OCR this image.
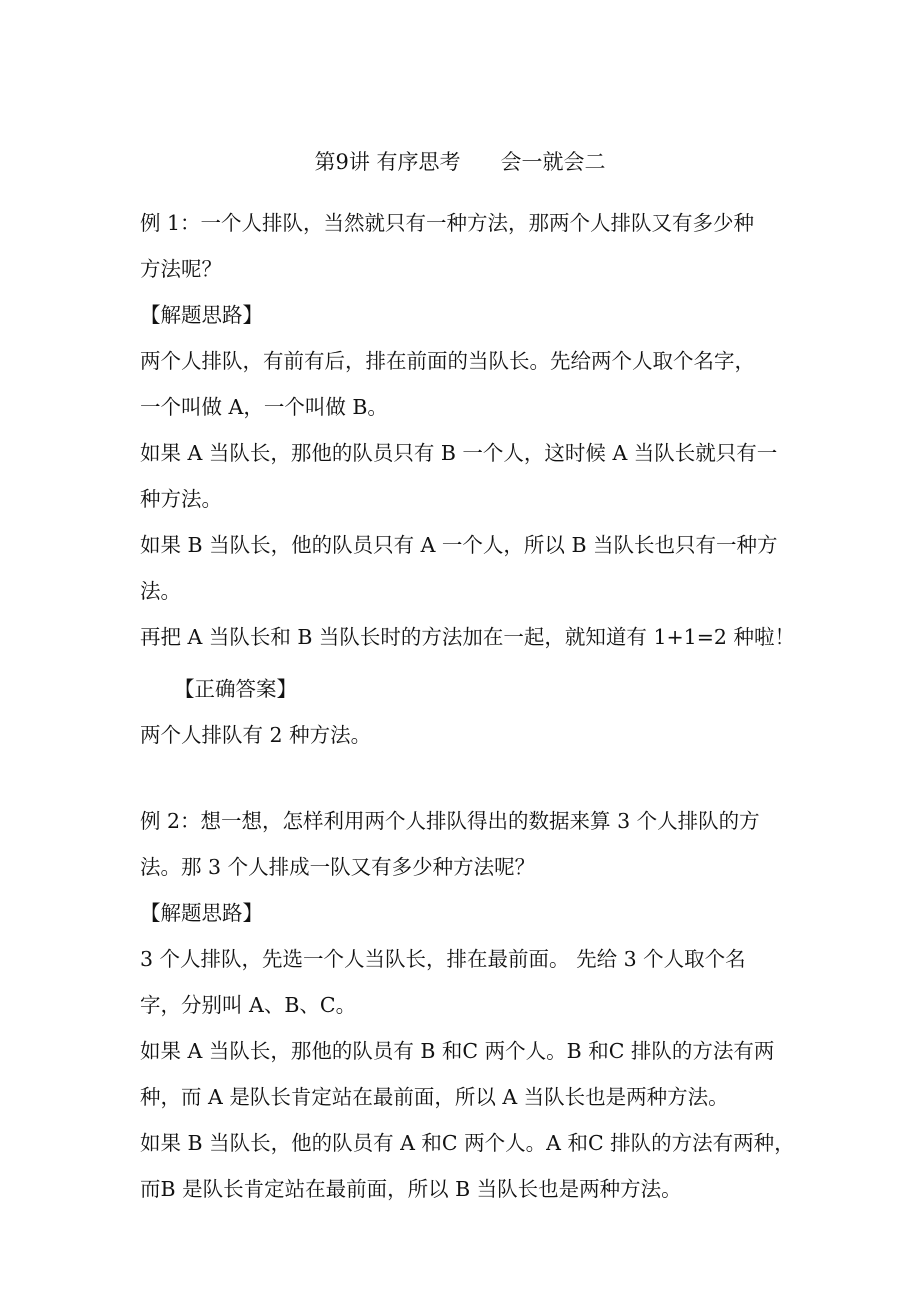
第9讲 有序思考      会一就会二

例 1：一个人排队，当然就只有一种方法，那两个人排队又有多少种

方法呢？

【解题思路】

两个人排队，有前有后，排在前面的当队长。先给两个人取个名字，

一个叫做 A，一个叫做 B。

如果 A 当队长，那他的队员只有 B 一个人，这时候 A 当队长就只有一

种方法。

如果 B 当队长，他的队员只有 A 一个人，所以 B 当队长也只有一种方

法。

再把 A 当队长和 B 当队长时的方法加在一起，就知道有 1+1=2 种啦！

【正确答案】

两个人排队有 2 种方法。

例 2：想一想，怎样利用两个人排队得出的数据来算 3 个人排队的方

法。那 3 个人排成一队又有多少种方法呢？

【解题思路】

3 个人排队，先选一个人当队长，排在最前面。 先给 3 个人取个名

字，分别叫 A、B、C。

如果 A 当队长，那他的队员有 B 和C 两个人。B 和C 排队的方法有两

种，而 A 是队长肯定站在最前面，所以 A 当队长也是两种方法。

如果 B 当队长，他的队员有 A 和C 两个人。A 和C 排队的方法有两种，

而B 是队长肯定站在最前面，所以 B 当队长也是两种方法。
